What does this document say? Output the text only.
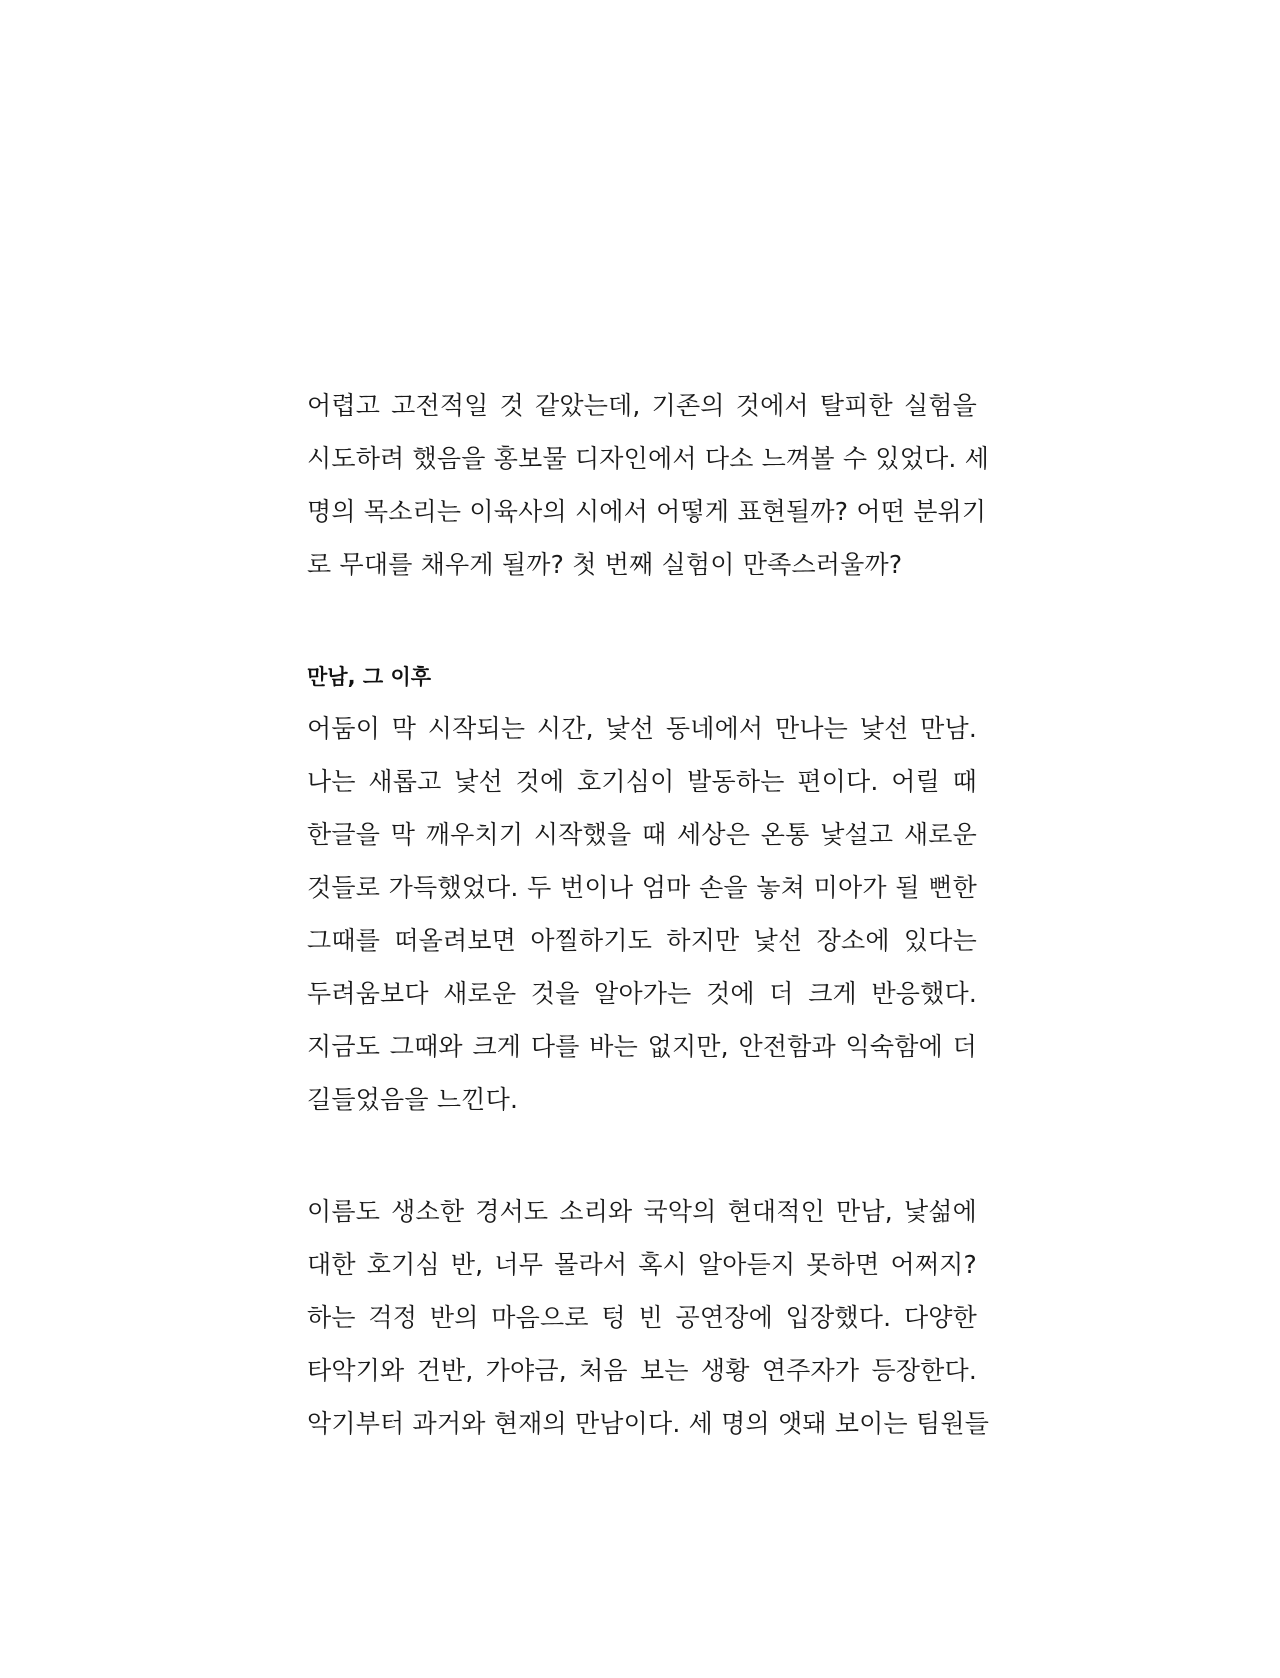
어렵고 고전적일 것 같았는데, 기존의 것에서 탈피한 실험을
시도하려 했음을 홍보물 디자인에서 다소 느껴볼 수 있었다. 세
명의 목소리는 이육사의 시에서 어떻게 표현될까? 어떤 분위기
로 무대를 채우게 될까? 첫 번째 실험이 만족스러울까?
만남, 그 이후
어둠이 막 시작되는 시간, 낯선 동네에서 만나는 낯선 만남.
나는 새롭고 낯선 것에 호기심이 발동하는 편이다. 어릴 때
한글을 막 깨우치기 시작했을 때 세상은 온통 낯설고 새로운
것들로 가득했었다. 두 번이나 엄마 손을 놓쳐 미아가 될 뻔한
그때를 떠올려보면 아찔하기도 하지만 낯선 장소에 있다는
두려움보다 새로운 것을 알아가는 것에 더 크게 반응했다.
지금도 그때와 크게 다를 바는 없지만, 안전함과 익숙함에 더
길들었음을 느낀다.
이름도 생소한 경서도 소리와 국악의 현대적인 만남, 낯섦에
대한 호기심 반, 너무 몰라서 혹시 알아듣지 못하면 어쩌지?
하는 걱정 반의 마음으로 텅 빈 공연장에 입장했다. 다양한
타악기와 건반, 가야금, 처음 보는 생황 연주자가 등장한다.
악기부터 과거와 현재의 만남이다. 세 명의 앳돼 보이는 팀원들
